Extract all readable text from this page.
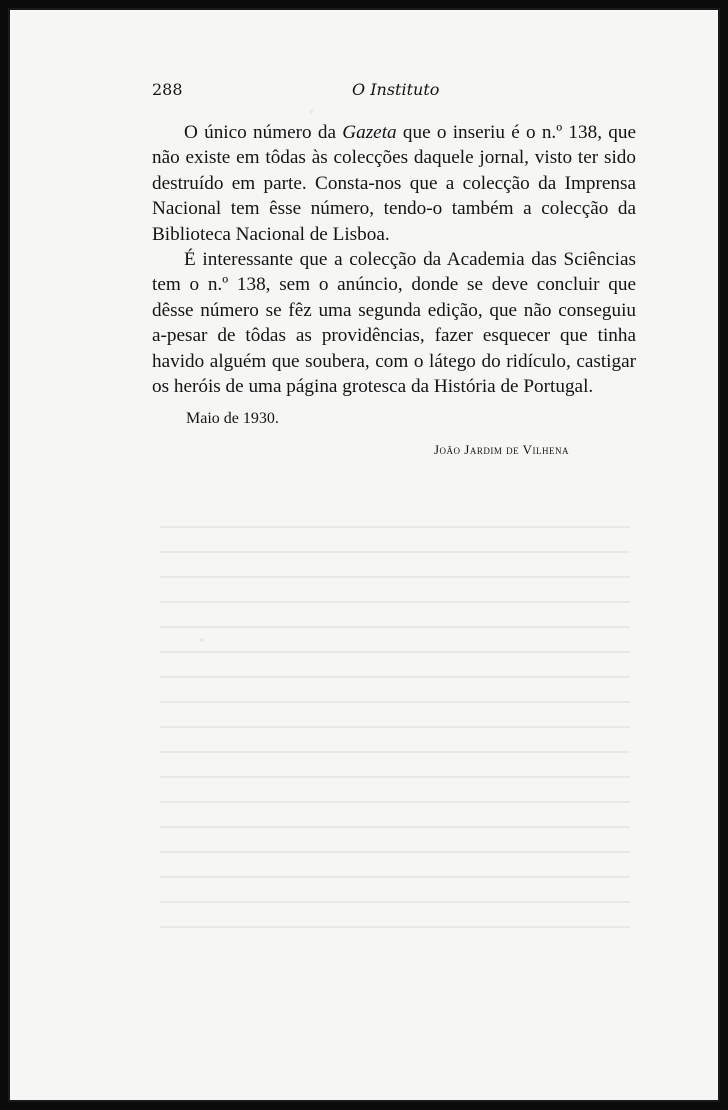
288	O Instituto

O único número da Gazeta que o inseriu é o n.º 138, que não existe em tôdas às colecções daquele jornal, visto ter sido destruído em parte. Consta-nos que a colecção da Imprensa Nacional tem êsse número, tendo-o também a colecção da Biblioteca Nacional de Lisboa.

É interessante que a colecção da Academia das Sciências tem o n.º 138, sem o anúncio, donde se deve concluir que dêsse número se fêz uma segunda edição, que não conseguiu a-pesar de tôdas as providências, fazer esquecer que tinha havido alguém que soubera, com o látego do ridículo, castigar os heróis de uma página grotesca da História de Portugal.

Maio de 1930.
João Jardim de Vilhena
